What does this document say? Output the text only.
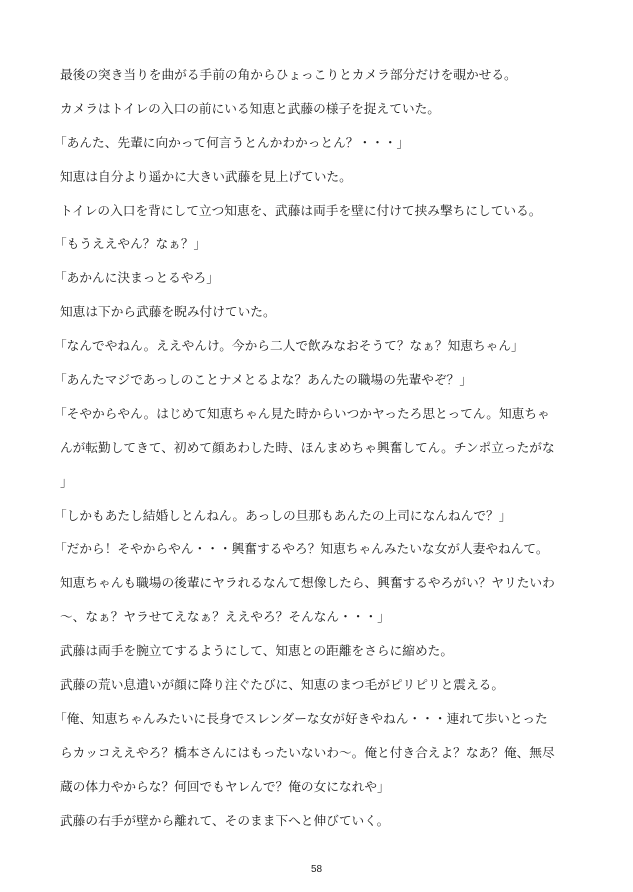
最後の突き当りを曲がる手前の角からひょっこりとカメラ部分だけを覗かせる。
カメラはトイレの入口の前にいる知恵と武藤の様子を捉えていた。
「あんた、先輩に向かって何言うとんかわかっとん？・・・」
知恵は自分より遥かに大きい武藤を見上げていた。
トイレの入口を背にして立つ知恵を、武藤は両手を壁に付けて挟み撃ちにしている。
「もうええやん？なぁ？」
「あかんに決まっとるやろ」
知恵は下から武藤を睨み付けていた。
「なんでやねん。ええやんけ。今から二人で飲みなおそうて？なぁ？知恵ちゃん」
「あんたマジであっしのことナメとるよな？あんたの職場の先輩やぞ？」
「そやからやん。はじめて知恵ちゃん見た時からいつかヤったろ思とってん。知恵ちゃ
んが転勤してきて、初めて顔あわした時、ほんまめちゃ興奮してん。チンポ立ったがな
」
「しかもあたし結婚しとんねん。あっしの旦那もあんたの上司になんねんで？」
「だから！そやからやん・・・興奮するやろ？知恵ちゃんみたいな女が人妻やねんて。
知恵ちゃんも職場の後輩にヤラれるなんて想像したら、興奮するやろがい？ヤリたいわ
～、なぁ？ヤラせてえなぁ？ええやろ？そんなん・・・」
武藤は両手を腕立てするようにして、知恵との距離をさらに縮めた。
武藤の荒い息遣いが顔に降り注ぐたびに、知恵のまつ毛がピリピリと震える。
「俺、知恵ちゃんみたいに長身でスレンダーな女が好きやねん・・・連れて歩いとった
らカッコええやろ？橋本さんにはもったいないわ～。俺と付き合えよ？なあ？俺、無尽
蔵の体力やからな？何回でもヤレんで？俺の女になれや」
武藤の右手が壁から離れて、そのまま下へと伸びていく。
58
